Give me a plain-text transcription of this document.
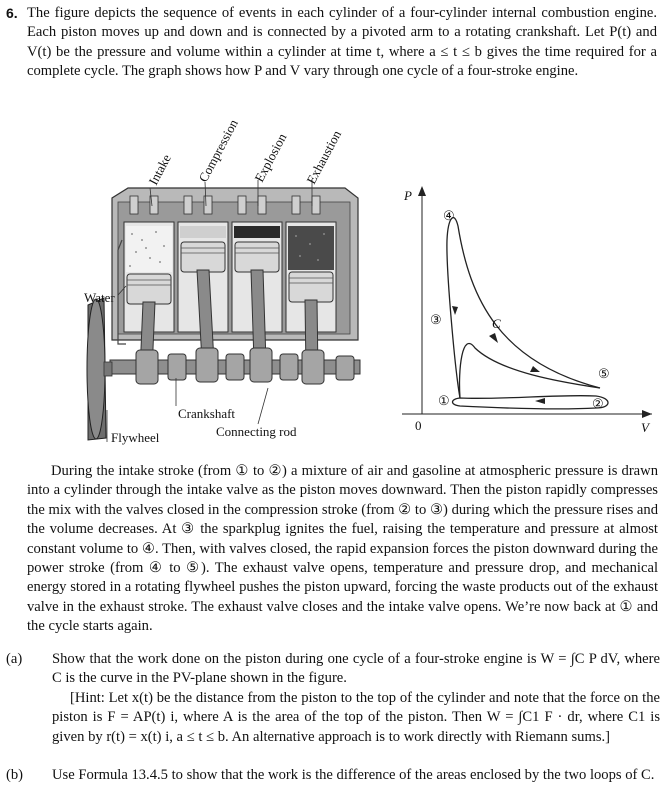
6. The figure depicts the sequence of events in each cylinder of a four-cylinder internal combustion engine. Each piston moves up and down and is connected by a pivoted arm to a rotating crankshaft. Let P(t) and V(t) be the pressure and volume within a cylinder at time t, where a ≤ t ≤ b gives the time required for a complete cycle. The graph shows how P and V vary through one cycle of a four-stroke engine.
Intake Compression Explosion Exhaustion
Water
Crankshaft
Connecting rod
Flywheel
P
V
0
C
①	②
③
④
⑤
During the intake stroke (from ① to ②) a mixture of air and gasoline at atmospheric pressure is drawn into a cylinder through the intake valve as the piston moves downward. Then the piston rapidly compresses the mix with the valves closed in the compression stroke (from ② to ③) during which the pressure rises and the volume decreases. At ③ the sparkplug ignites the fuel, raising the temperature and pressure at almost constant volume to ④. Then, with valves closed, the rapid expansion forces the piston downward during the power stroke (from ④ to ⑤). The exhaust valve opens, temperature and pressure drop, and mechanical energy stored in a rotating flywheel pushes the piston upward, forcing the waste products out of the exhaust valve in the exhaust stroke. The exhaust valve closes and the intake valve opens. We’re now back at ① and the cycle starts again.
(a) Show that the work done on the piston during one cycle of a four-stroke engine is W = ∫C P dV, where C is the curve in the PV-plane shown in the figure.
[Hint: Let x(t) be the distance from the piston to the top of the cylinder and note that the force on the piston is F = AP(t) i, where A is the area of the top of the piston. Then W = ∫C1 F · dr, where C1 is given by r(t) = x(t) i, a ≤ t ≤ b. An alternative approach is to work directly with Riemann sums.]
(b) Use Formula 13.4.5 to show that the work is the difference of the areas enclosed by the two loops of C.
